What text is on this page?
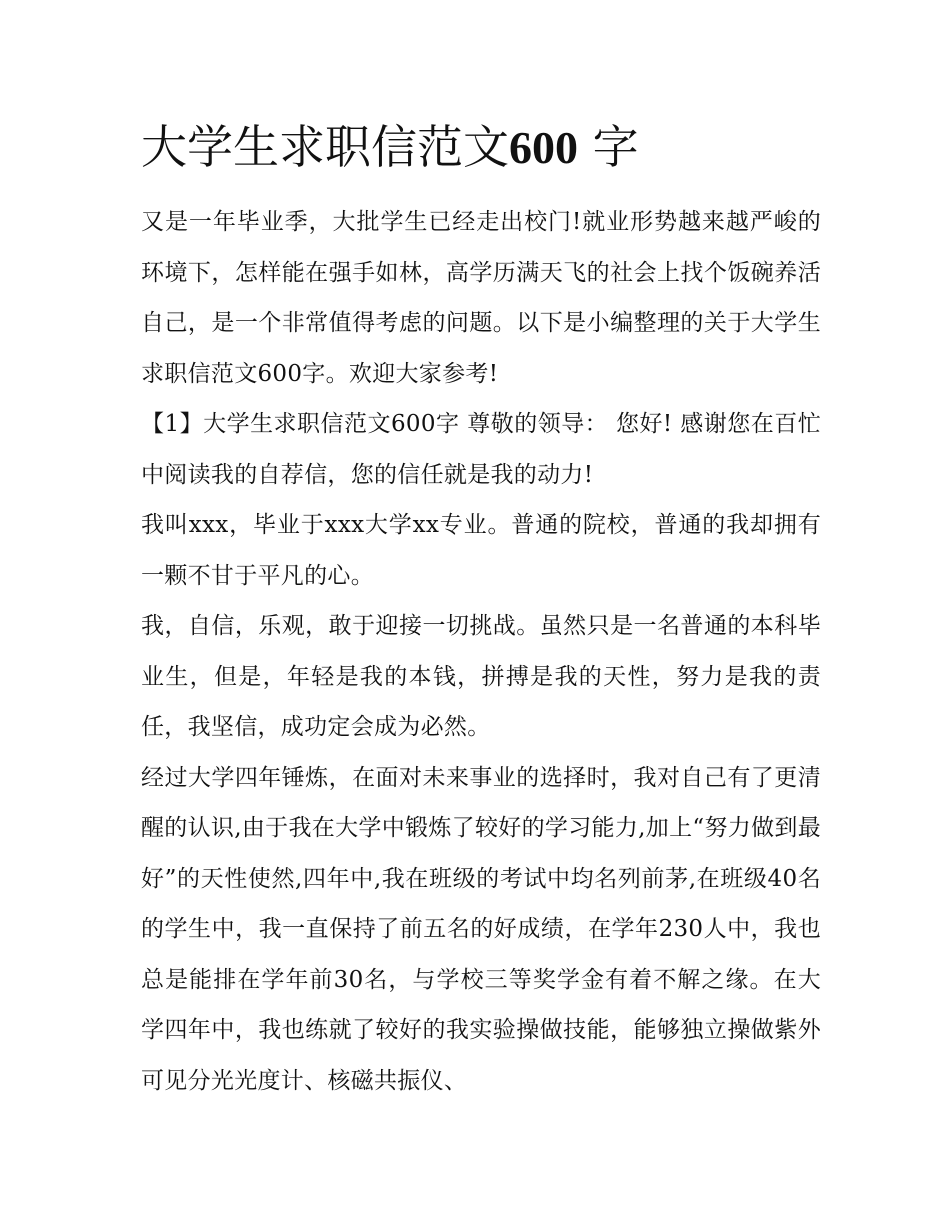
大学生求职信范文600 字

又是一年毕业季，大批学生已经走出校门!就业形势越来越严峻的环境下，怎样能在强手如林，高学历满天飞的社会上找个饭碗养活自己，是一个非常值得考虑的问题。以下是小编整理的关于大学生求职信范文600字。欢迎大家参考!

【1】大学生求职信范文600字 尊敬的领导： 您好! 感谢您在百忙中阅读我的自荐信，您的信任就是我的动力!

我叫xxx，毕业于xxx大学xx专业。普通的院校，普通的我却拥有一颗不甘于平凡的心。

我，自信，乐观，敢于迎接一切挑战。虽然只是一名普通的本科毕业生，但是，年轻是我的本钱，拼搏是我的天性，努力是我的责任，我坚信，成功定会成为必然。

经过大学四年锤炼，在面对未来事业的选择时，我对自己有了更清醒的认识,由于我在大学中锻炼了较好的学习能力,加上“努力做到最好”的天性使然,四年中,我在班级的考试中均名列前茅,在班级40名的学生中，我一直保持了前五名的好成绩，在学年230人中，我也总是能排在学年前30名，与学校三等奖学金有着不解之缘。在大学四年中，我也练就了较好的我实验操做技能，能够独立操做紫外可见分光光度计、核磁共振仪、
